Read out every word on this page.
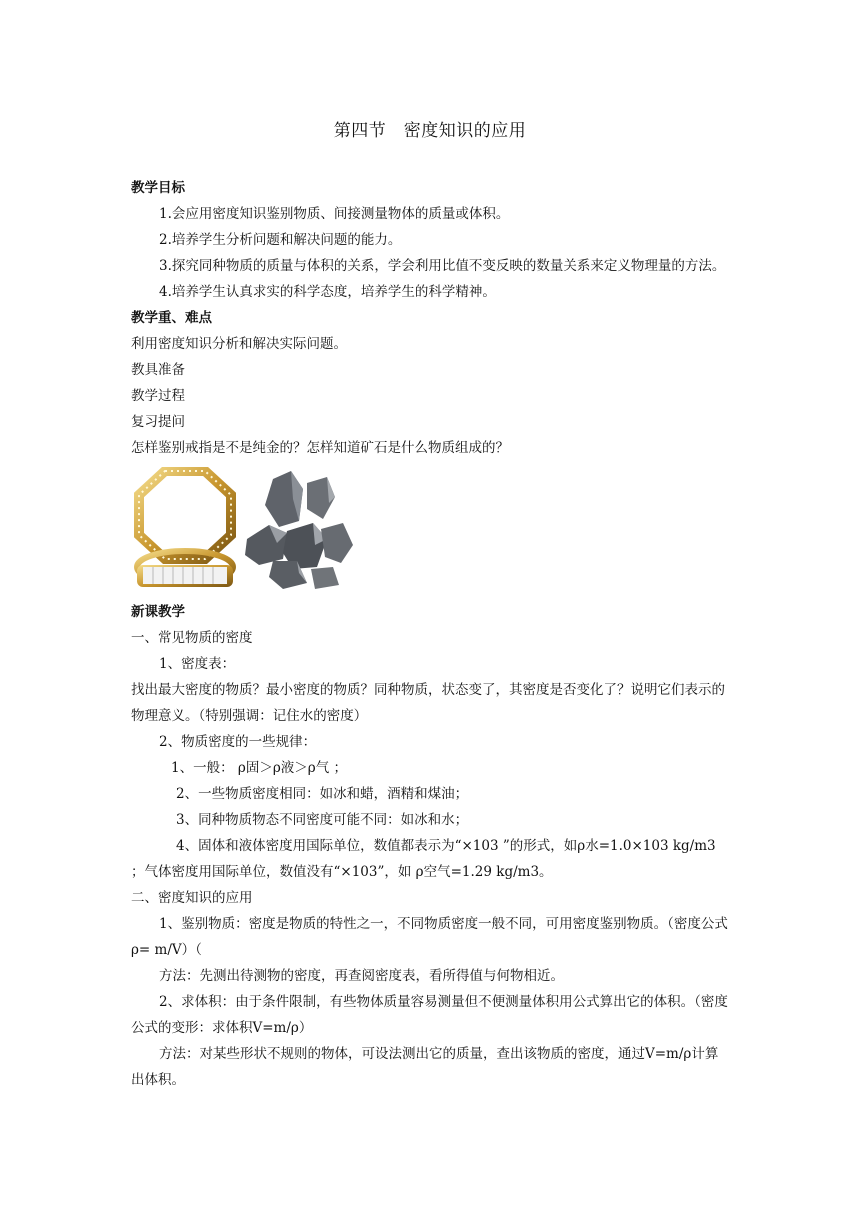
第四节　密度知识的应用
教学目标
1.会应用密度知识鉴别物质、间接测量物体的质量或体积。
2.培养学生分析问题和解决问题的能力。
3.探究同种物质的质量与体积的关系，学会利用比值不变反映的数量关系来定义物理量的方法。
4.培养学生认真求实的科学态度，培养学生的科学精神。
教学重、难点
利用密度知识分析和解决实际问题。
教具准备
教学过程
复习提问
怎样鉴别戒指是不是纯金的？怎样知道矿石是什么物质组成的？
新课教学
一、常见物质的密度
1、密度表：
找出最大密度的物质？最小密度的物质？同种物质，状态变了，其密度是否变化了？说明它们表示的物理意义。（特别强调：记住水的密度）
2、物质密度的一些规律：
1、一般： ρ固＞ρ液＞ρ气 ；
2、一些物质密度相同：如冰和蜡，酒精和煤油；
3、同种物质物态不同密度可能不同：如冰和水；
4、固体和液体密度用国际单位，数值都表示为“×103 ”的形式，如ρ水=1.0×103 kg/m3 ；气体密度用国际单位，数值没有“×103”，如 ρ空气=1.29 kg/m3。
二、密度知识的应用
1、鉴别物质：密度是物质的特性之一，不同物质密度一般不同，可用密度鉴别物质。（密度公式ρ= m/V）（
方法：先测出待测物的密度，再查阅密度表，看所得值与何物相近。
2、求体积：由于条件限制，有些物体质量容易测量但不便测量体积用公式算出它的体积。（密度公式的变形：求体积V=m/ρ）
方法：对某些形状不规则的物体，可设法测出它的质量，查出该物质的密度，通过V=m/ρ计算出体积。
